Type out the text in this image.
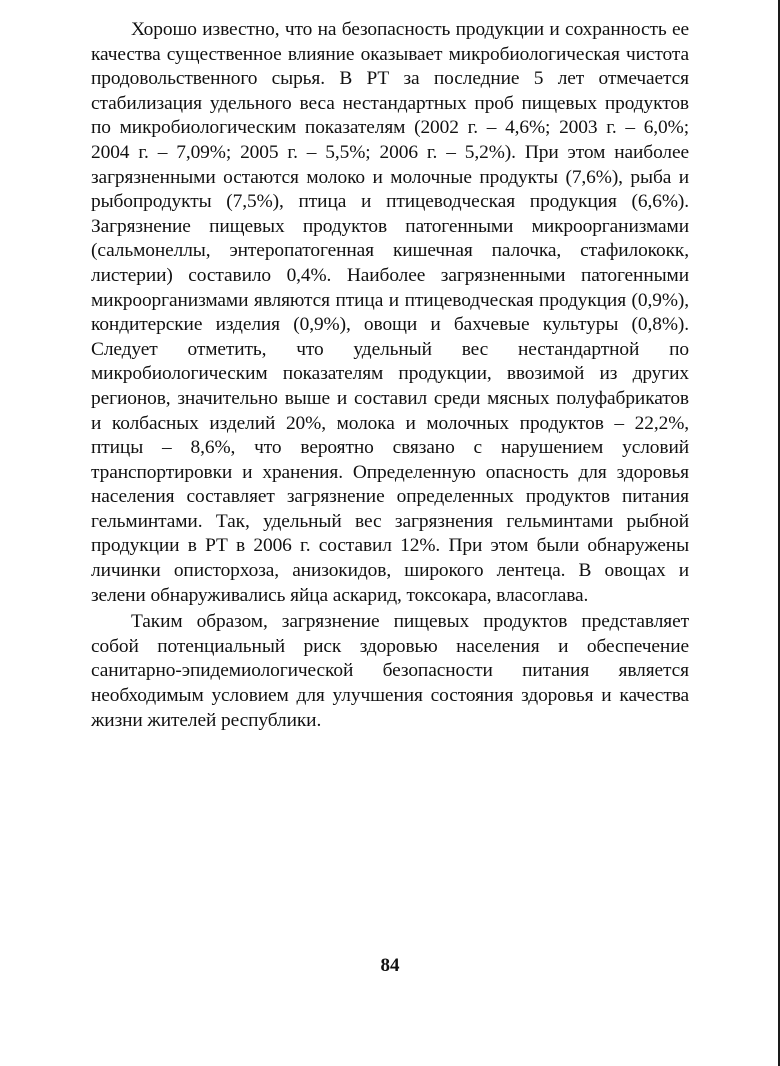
Хорошо известно, что на безопасность продукции и сохранность ее качества существенное влияние оказывает микробиологическая чистота продовольственного сырья. В РТ за последние 5 лет отмечается стабилизация удельного веса нестандартных проб пищевых продуктов по микробиологическим показателям (2002 г. – 4,6%; 2003 г. – 6,0%; 2004 г. – 7,09%; 2005 г. – 5,5%; 2006 г. – 5,2%). При этом наиболее загрязненными остаются молоко и молочные продукты (7,6%), рыба и рыбопродукты (7,5%), птица и птицеводческая продукция (6,6%). Загрязнение пищевых продуктов патогенными микроорганизмами (сальмонеллы, энтеропатогенная кишечная палочка, стафилококк, листерии) составило 0,4%. Наиболее загрязненными патогенными микроорганизмами являются птица и птицеводческая продукция (0,9%), кондитерские изделия (0,9%), овощи и бахчевые культуры (0,8%). Следует отметить, что удельный вес нестандартной по микробиологическим показателям продукции, ввозимой из других регионов, значительно выше и составил среди мясных полуфабрикатов и колбасных изделий 20%, молока и молочных продуктов – 22,2%, птицы – 8,6%, что вероятно связано с нарушением условий транспортировки и хранения. Определенную опасность для здоровья населения составляет загрязнение определенных продуктов питания гельминтами. Так, удельный вес загрязнения гельминтами рыбной продукции в РТ в 2006 г. составил 12%. При этом были обнаружены личинки описторхоза, анизокидов, широкого лентеца. В овощах и зелени обнаруживались яйца аскарид, токсокара, власоглава.

Таким образом, загрязнение пищевых продуктов представляет собой потенциальный риск здоровью населения и обеспечение санитарно-эпидемиологической безопасности питания является необходимым условием для улучшения состояния здоровья и качества жизни жителей республики.

84
